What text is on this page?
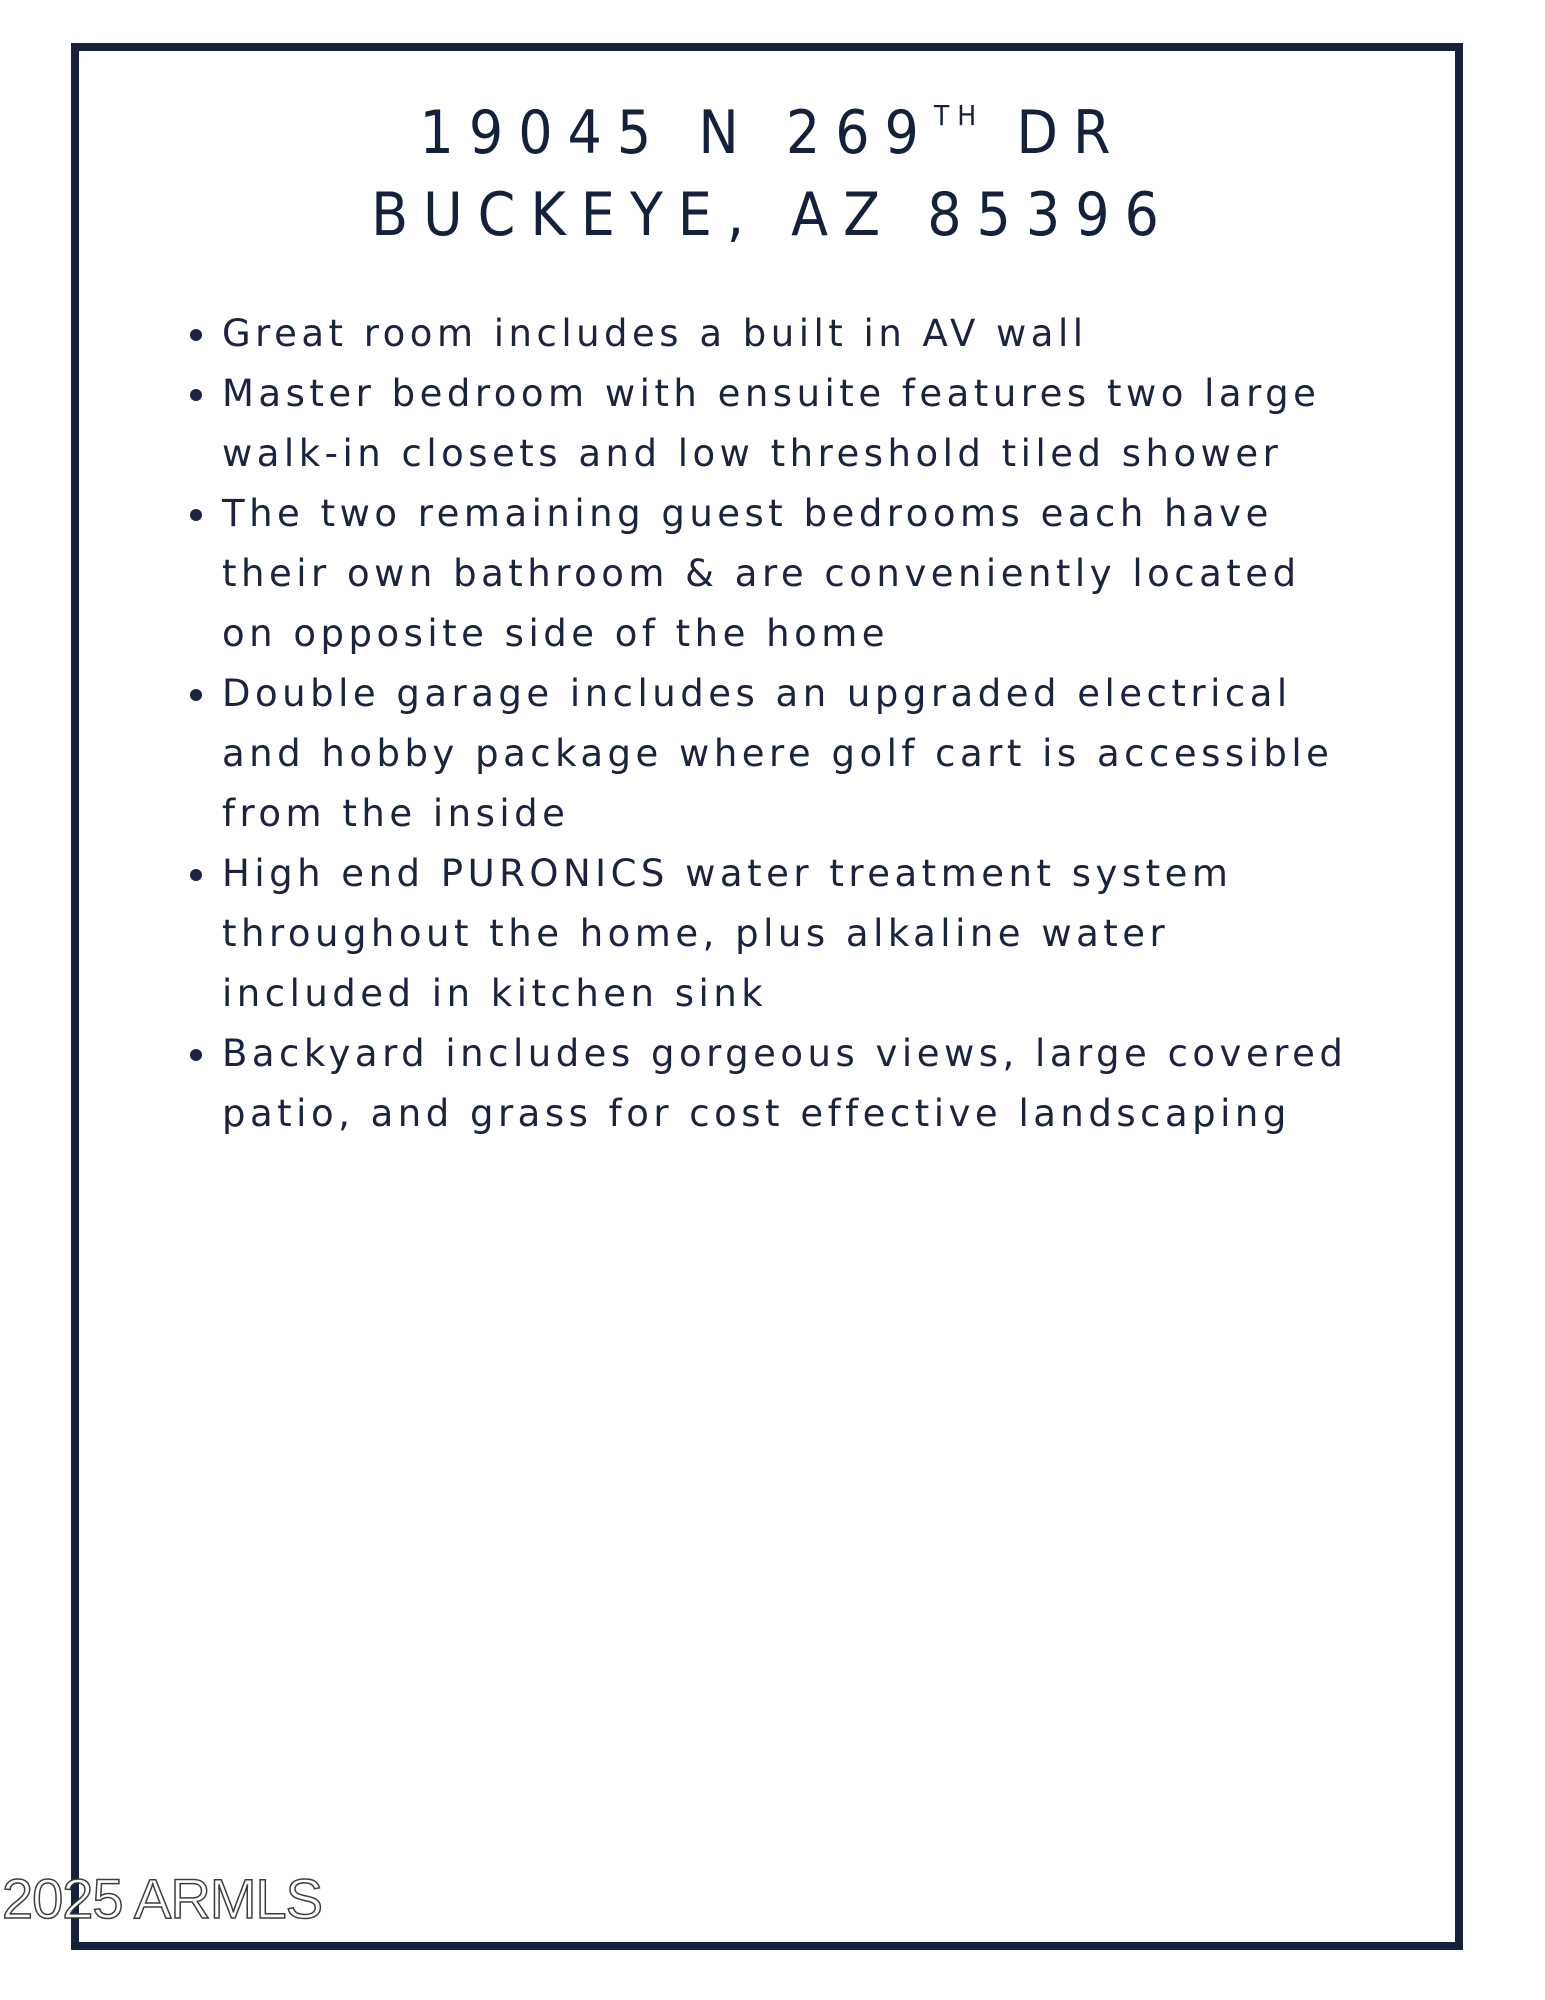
19045 N 269TH DR
BUCKEYE, AZ 85396
Great room includes a built in AV wall
Master bedroom with ensuite features two large
walk-in closets and low threshold tiled shower
The two remaining guest bedrooms each have
their own bathroom & are conveniently located
on opposite side of the home
Double garage includes an upgraded electrical
and hobby package where golf cart is accessible
from the inside
High end PURONICS water treatment system
throughout the home, plus alkaline water
included in kitchen sink
Backyard includes gorgeous views, large covered
patio, and grass for cost effective landscaping
2025 ARMLS
